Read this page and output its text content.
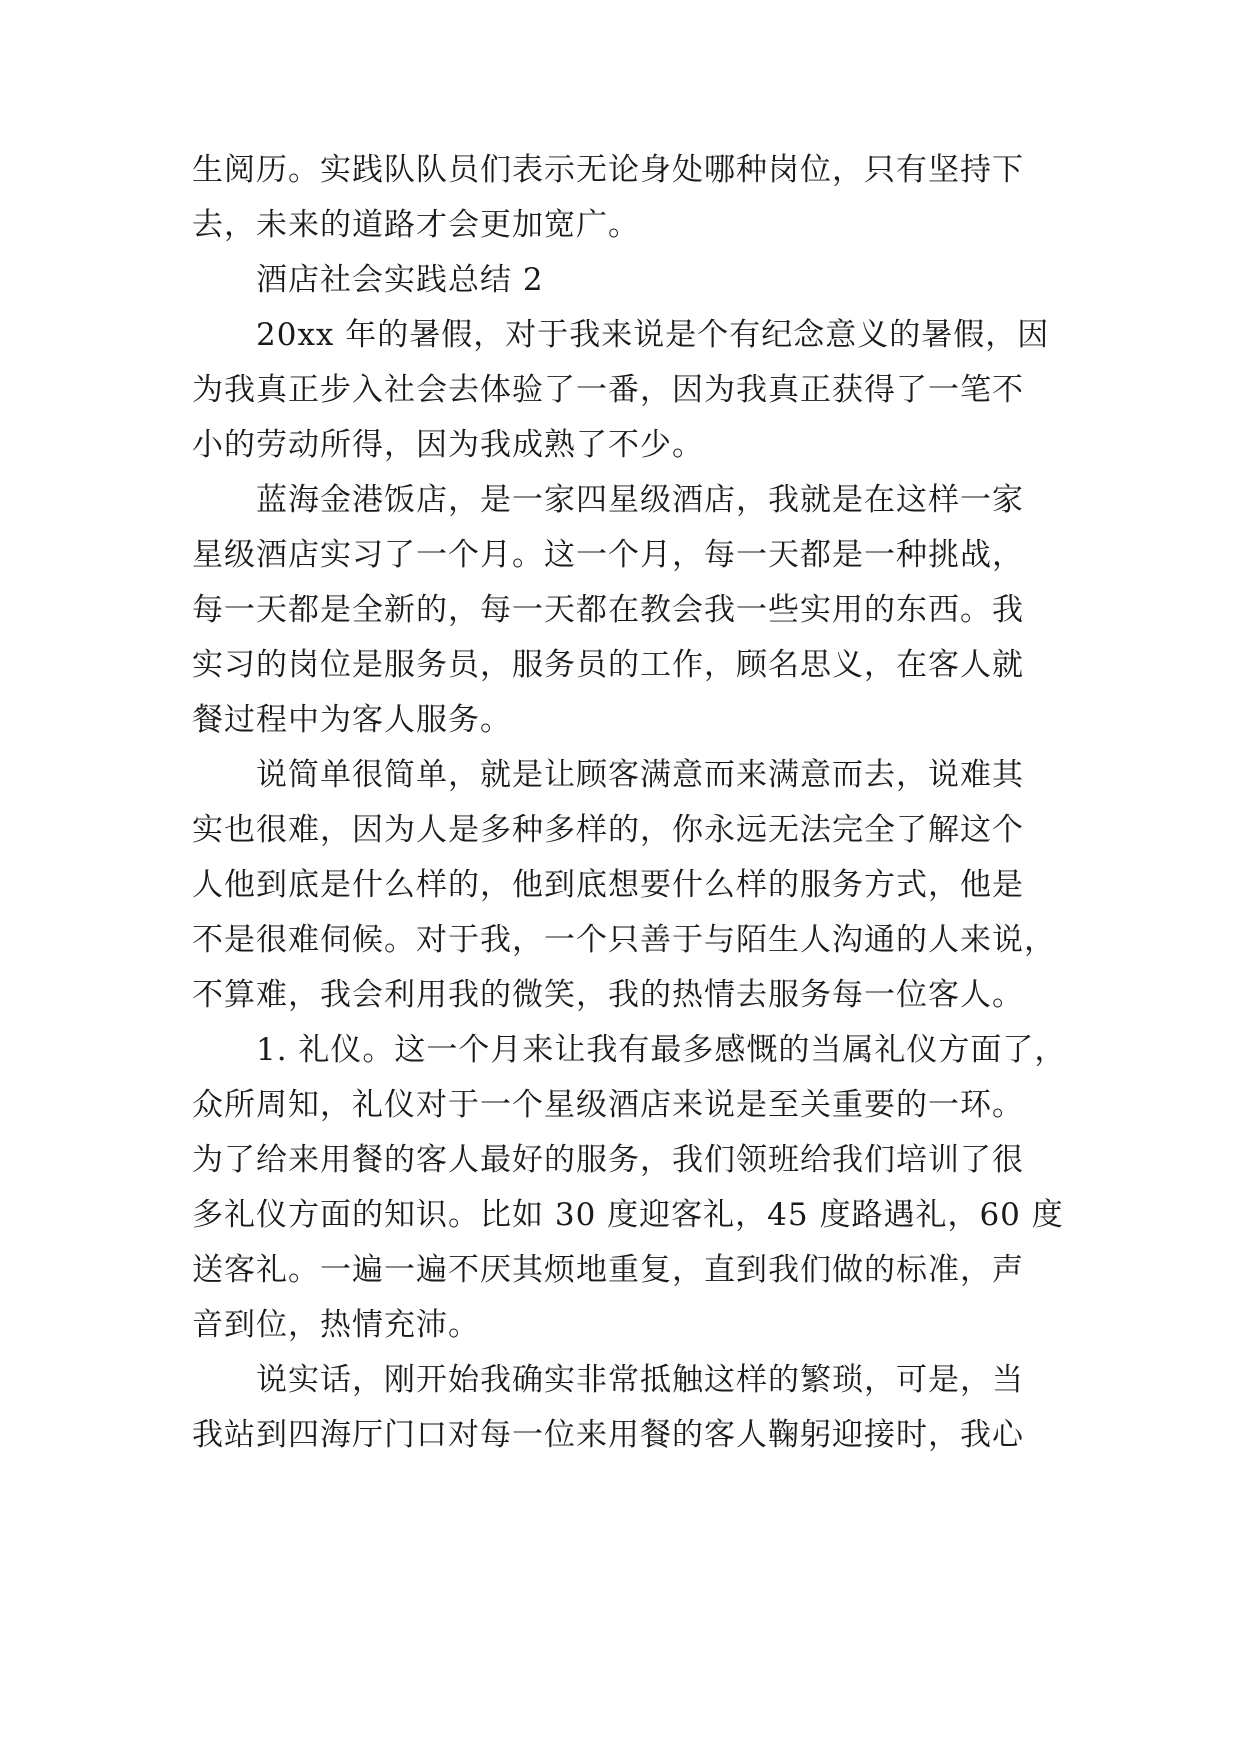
生阅历。实践队队员们表示无论身处哪种岗位，只有坚持下
去，未来的道路才会更加宽广。
酒店社会实践总结 2
20xx 年的暑假，对于我来说是个有纪念意义的暑假，因
为我真正步入社会去体验了一番，因为我真正获得了一笔不
小的劳动所得，因为我成熟了不少。
蓝海金港饭店，是一家四星级酒店，我就是在这样一家
星级酒店实习了一个月。这一个月，每一天都是一种挑战，
每一天都是全新的，每一天都在教会我一些实用的东西。我
实习的岗位是服务员，服务员的工作，顾名思义，在客人就
餐过程中为客人服务。
说简单很简单，就是让顾客满意而来满意而去，说难其
实也很难，因为人是多种多样的，你永远无法完全了解这个
人他到底是什么样的，他到底想要什么样的服务方式，他是
不是很难伺候。对于我，一个只善于与陌生人沟通的人来说，
不算难，我会利用我的微笑，我的热情去服务每一位客人。
1. 礼仪。这一个月来让我有最多感慨的当属礼仪方面了，
众所周知，礼仪对于一个星级酒店来说是至关重要的一环。
为了给来用餐的客人最好的服务，我们领班给我们培训了很
多礼仪方面的知识。比如 30 度迎客礼，45 度路遇礼，60 度
送客礼。一遍一遍不厌其烦地重复，直到我们做的标准，声
音到位，热情充沛。
说实话，刚开始我确实非常抵触这样的繁琐，可是，当
我站到四海厅门口对每一位来用餐的客人鞠躬迎接时，我心
